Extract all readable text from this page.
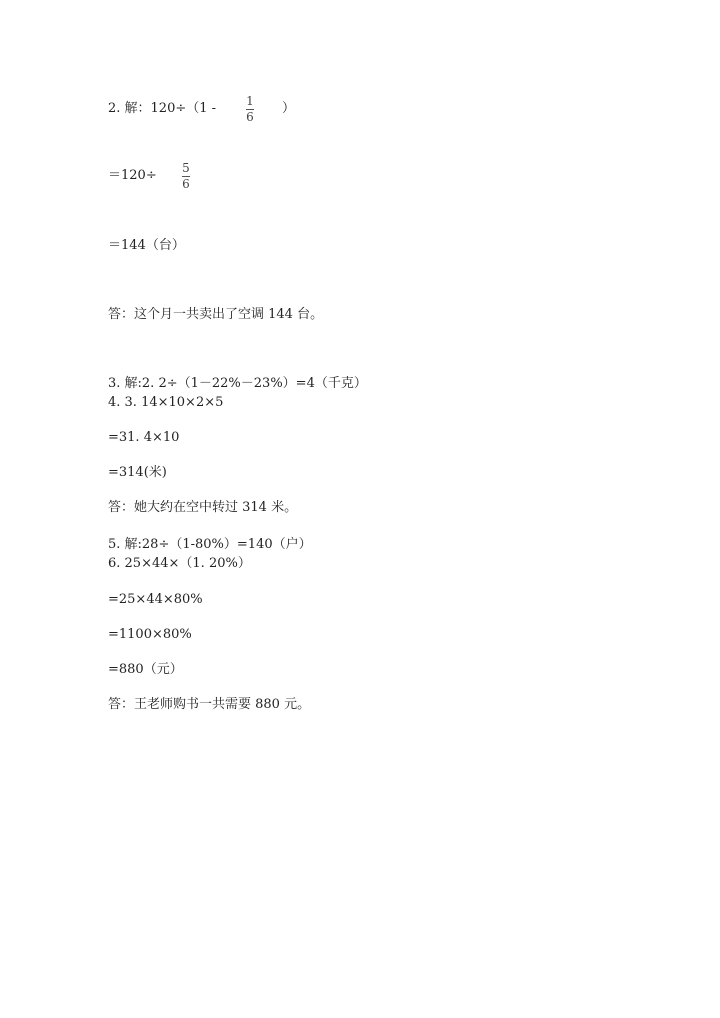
2. 解：120÷（1 -	1
6
）
＝120÷ 5
6
＝144（台）
答：这个月一共卖出了空调 144 台。
3. 解:2. 2÷（1－22%－23%）=4（千克）
4. 3. 14×10×2×5
=31. 4×10
=314(米)
答：她大约在空中转过 314 米。
5. 解:28÷（1-80%）=140（户）
6. 25×44×（1. 20%）
=25×44×80%
=1100×80%
=880（元）
答：王老师购书一共需要 880 元。
